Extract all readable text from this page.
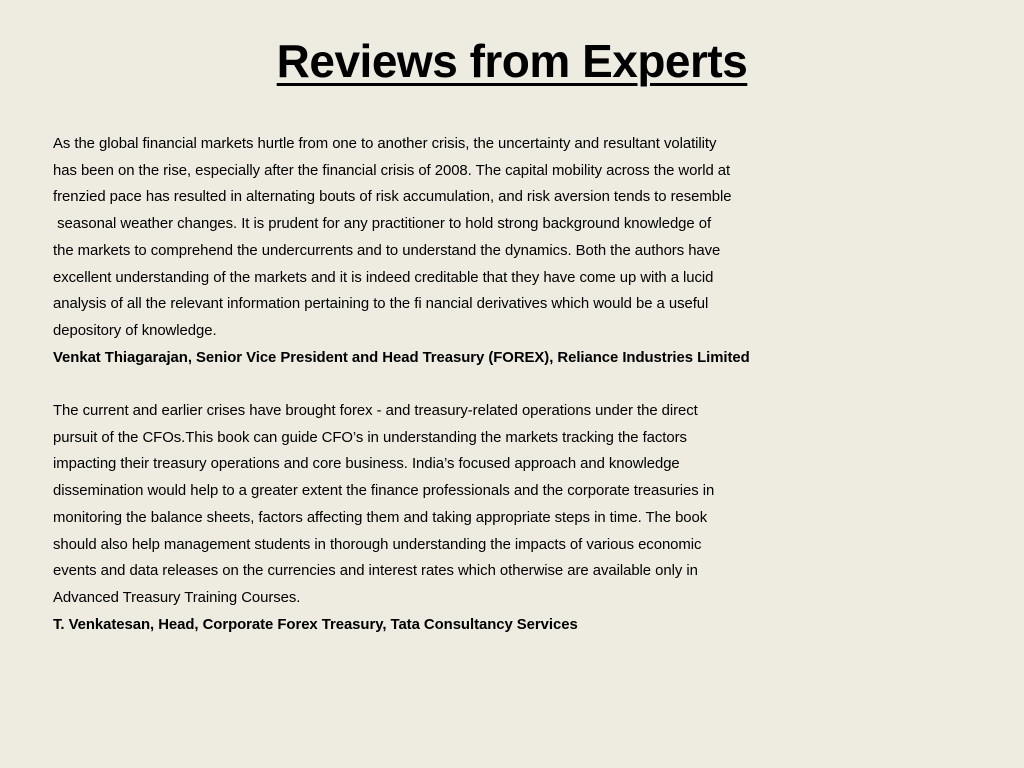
Reviews from Experts

As the global financial markets hurtle from one to another crisis, the uncertainty and resultant volatility

has been on the rise, especially after the financial crisis of 2008. The capital mobility across the world at

frenzied pace has resulted in alternating bouts of risk accumulation, and risk aversion tends to resemble

seasonal weather changes. It is prudent for any practitioner to hold strong background knowledge of

the markets to comprehend the undercurrents and to understand the dynamics. Both the authors have

excellent understanding of the markets and it is indeed creditable that they have come up with a lucid

analysis of all the relevant information pertaining to the fi nancial derivatives which would be a useful

depository of knowledge.

Venkat Thiagarajan, Senior Vice President and Head Treasury (FOREX), Reliance Industries Limited

The current and earlier crises have brought forex - and treasury-related operations under the direct

pursuit of the CFOs.This book can guide CFO’s in understanding the markets tracking the factors

impacting their treasury operations and core business. India’s focused approach and knowledge

dissemination would help to a greater extent the finance professionals and the corporate treasuries in

monitoring the balance sheets, factors affecting them and taking appropriate steps in time. The book

should also help management students in thorough understanding the impacts of various economic

events and data releases on the currencies and interest rates which otherwise are available only in

Advanced Treasury Training Courses.

T. Venkatesan, Head, Corporate Forex Treasury, Tata Consultancy Services
